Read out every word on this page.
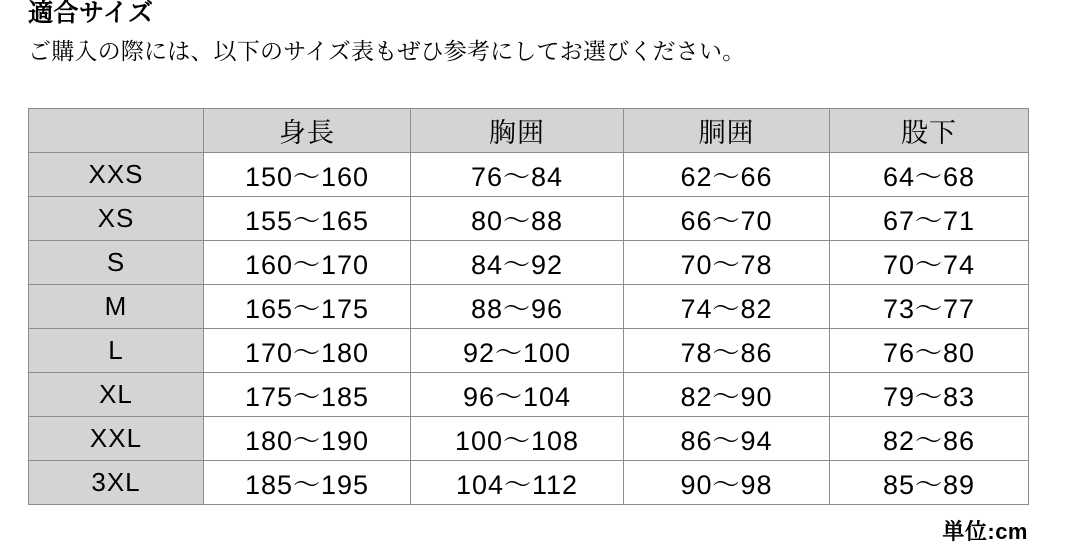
適合サイズ

ご購入の際には、以下のサイズ表もぜひ参考にしてお選びください。

	身長	胸囲	胴囲	股下
XXS	150〜160	76〜84	62〜66	64〜68
XS	155〜165	80〜88	66〜70	67〜71
S	160〜170	84〜92	70〜78	70〜74
M	165〜175	88〜96	74〜82	73〜77
L	170〜180	92〜100	78〜86	76〜80
XL	175〜185	96〜104	82〜90	79〜83
XXL	180〜190	100〜108	86〜94	82〜86
3XL	185〜195	104〜112	90〜98	85〜89
単位:cm
